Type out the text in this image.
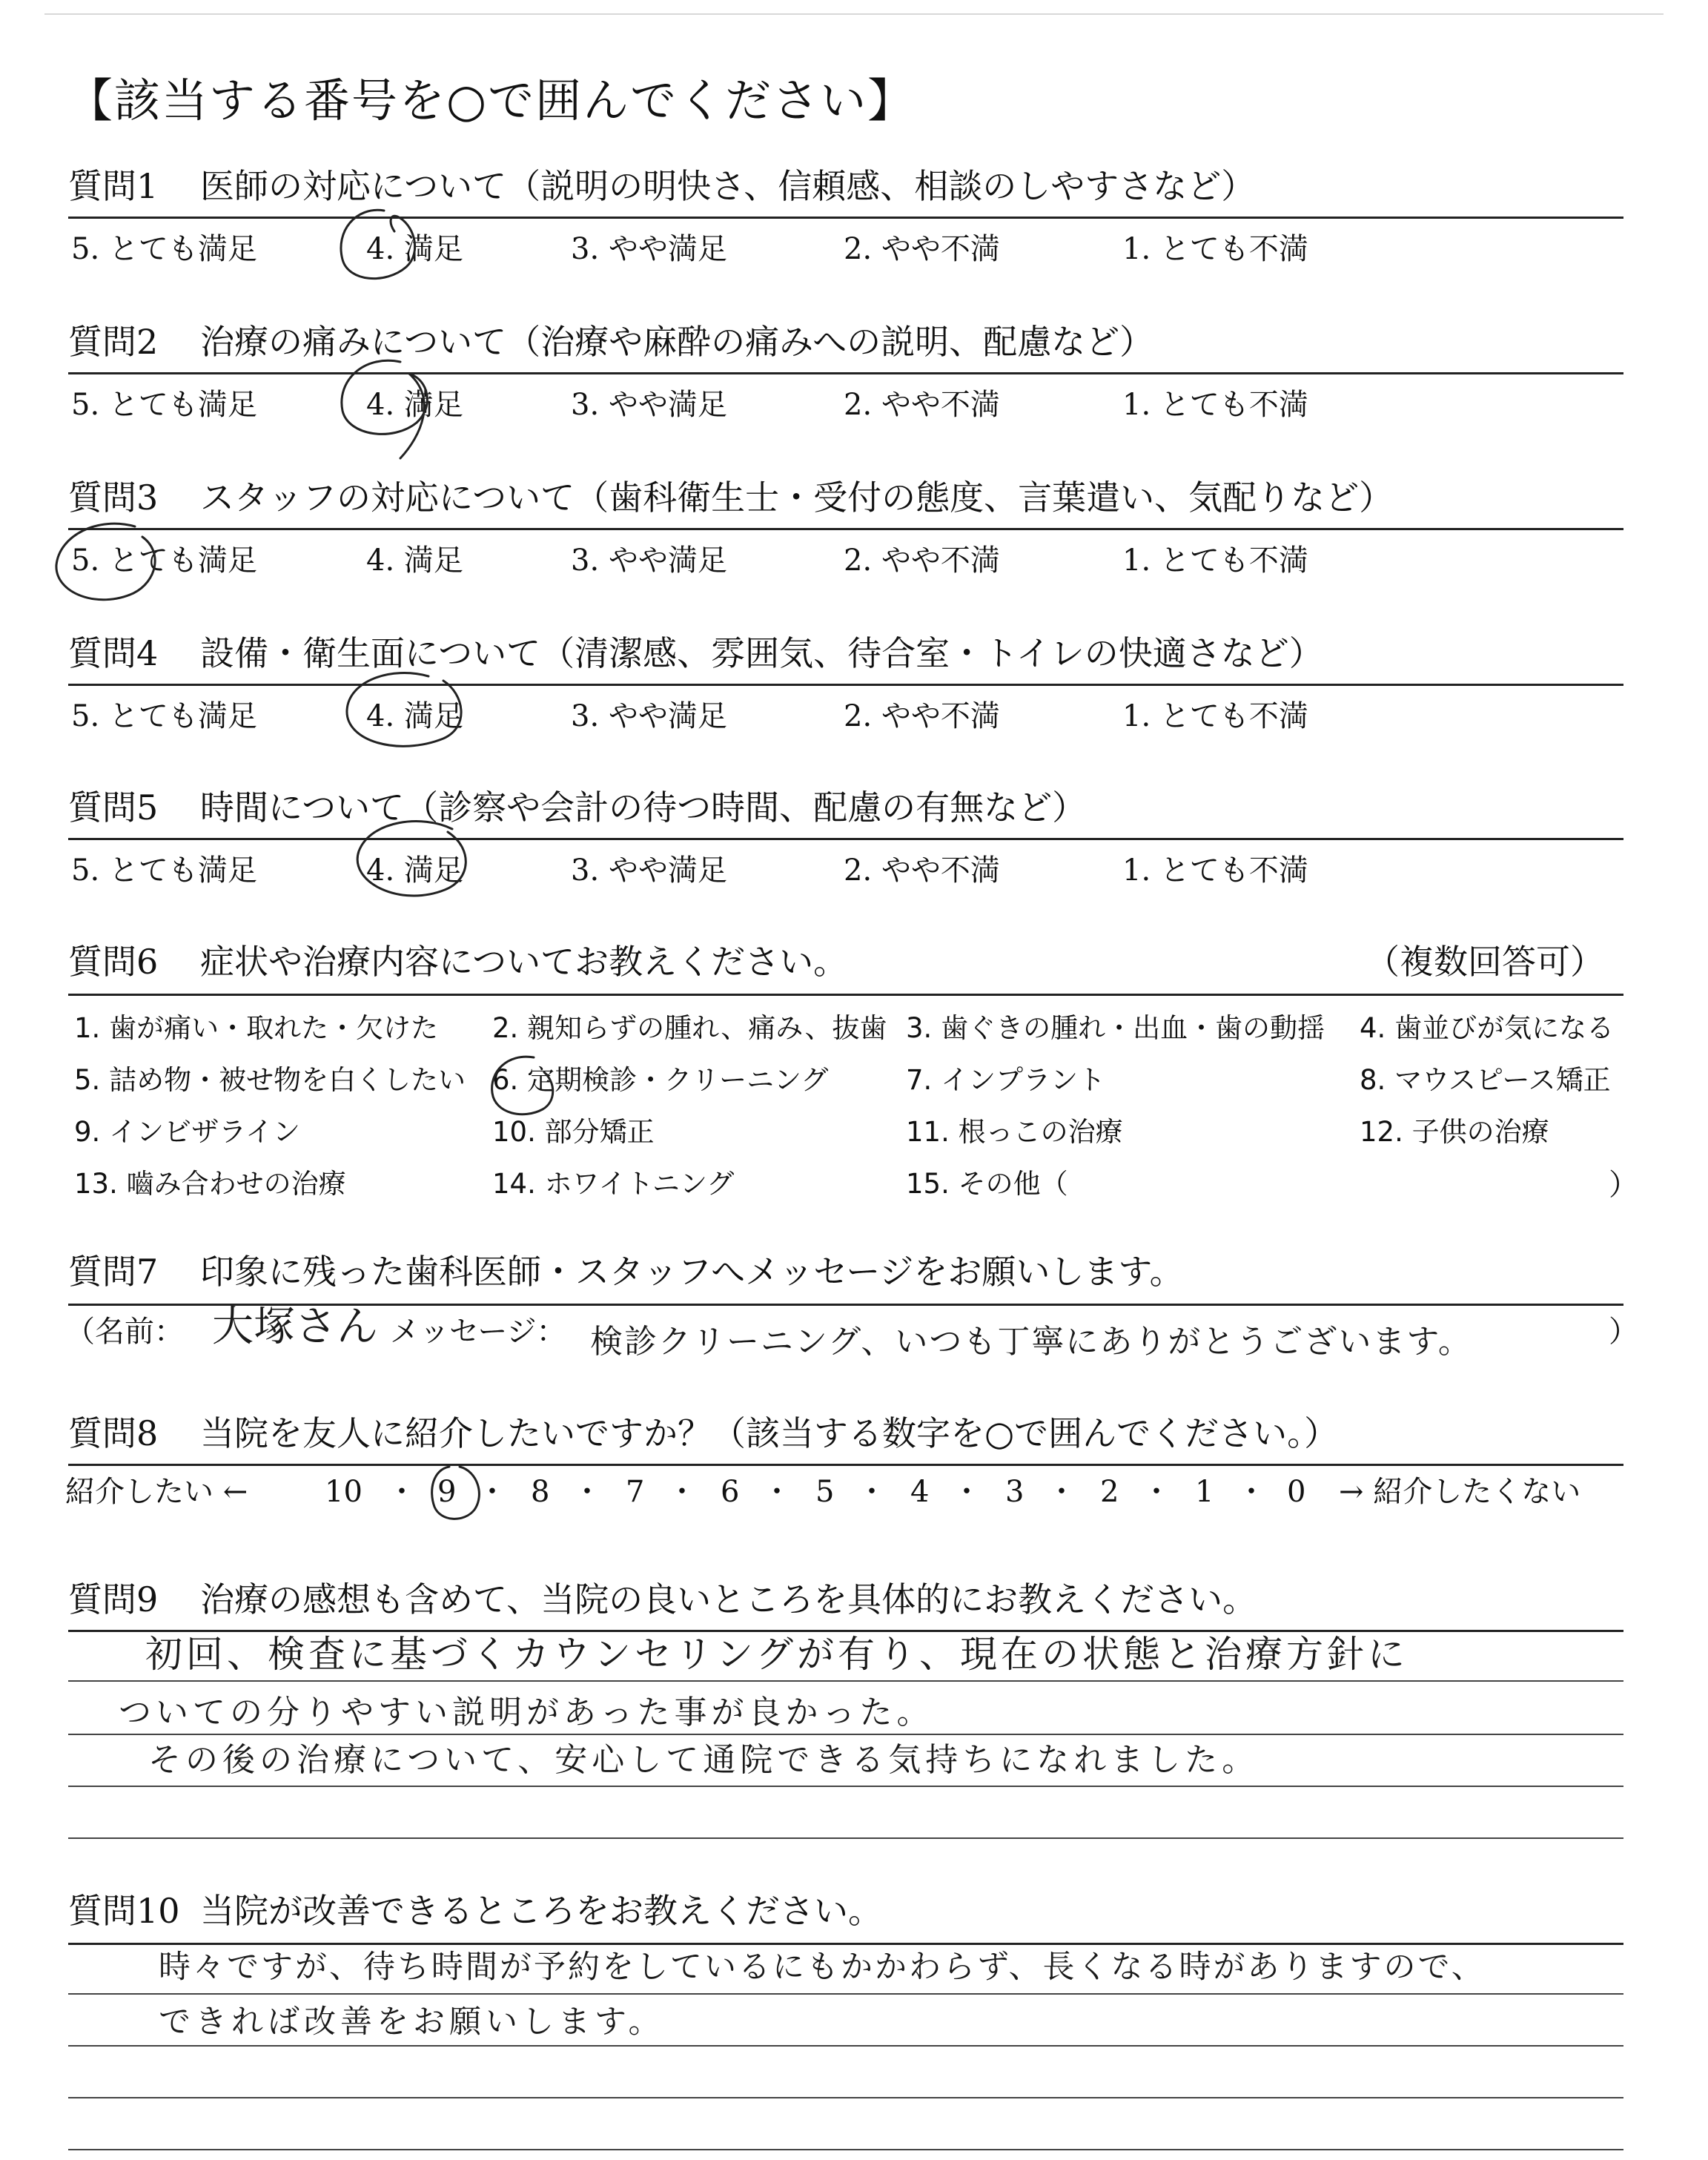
【該当する番号を○で囲んでください】
質問1 医師の対応について（説明の明快さ、信頼感、相談のしやすさなど）
5. とても満足	4. 満足	3. やや満足	2. やや不満	1. とても不満
質問2 治療の痛みについて（治療や麻酔の痛みへの説明、配慮など）
5. とても満足	4. 満足	3. やや満足	2. やや不満	1. とても不満
質問3 スタッフの対応について（歯科衛生士・受付の態度、言葉遣い、気配りなど）
5. とても満足	4. 満足	3. やや満足	2. やや不満	1. とても不満
質問4 設備・衛生面について（清潔感、雰囲気、待合室・トイレの快適さなど）
5. とても満足	4. 満足	3. やや満足	2. やや不満	1. とても不満
質問5 時間について（診察や会計の待つ時間、配慮の有無など）
5. とても満足	4. 満足	3. やや満足	2. やや不満	1. とても不満
質問6 症状や治療内容についてお教えください。	（複数回答可）
1. 歯が痛い・取れた・欠けた 2. 親知らずの腫れ、痛み、抜歯 3. 歯ぐきの腫れ・出血・歯の動揺 4. 歯並びが気になる
5. 詰め物・被せ物を白くしたい 6. 定期検診・クリーニング	7. インプラント	8. マウスピース矯正
9. インビザライン	10. 部分矯正	11. 根っこの治療	12. 子供の治療
13. 嚙み合わせの治療	14. ホワイトニング	15. その他（	）
質問7 印象に残った歯科医師・スタッフへメッセージをお願いします。
（名前： 大塚さん メッセージ： 検診クリーニング、いつも丁寧にありがとうございます。	）
質問8 当院を友人に紹介したいですか？（該当する数字を○で囲んでください。）
紹介したい ←	10 ・ 9 ・ 8 ・ 7 ・ 6 ・ 5 ・ 4 ・ 3 ・ 2 ・ 1 ・ 0 → 紹介したくない
質問9 治療の感想も含めて、当院の良いところを具体的にお教えください。
初回、検査に基づくカウンセリングが有り、現在の状態と治療方針に
ついての分りやすい説明があった事が良かった。
その後の治療について、安心して通院できる気持ちになれました。
質問10 当院が改善できるところをお教えください。
時々ですが、待ち時間が予約をしているにもかかわらず、長くなる時がありますので、
できれば改善をお願いします。
